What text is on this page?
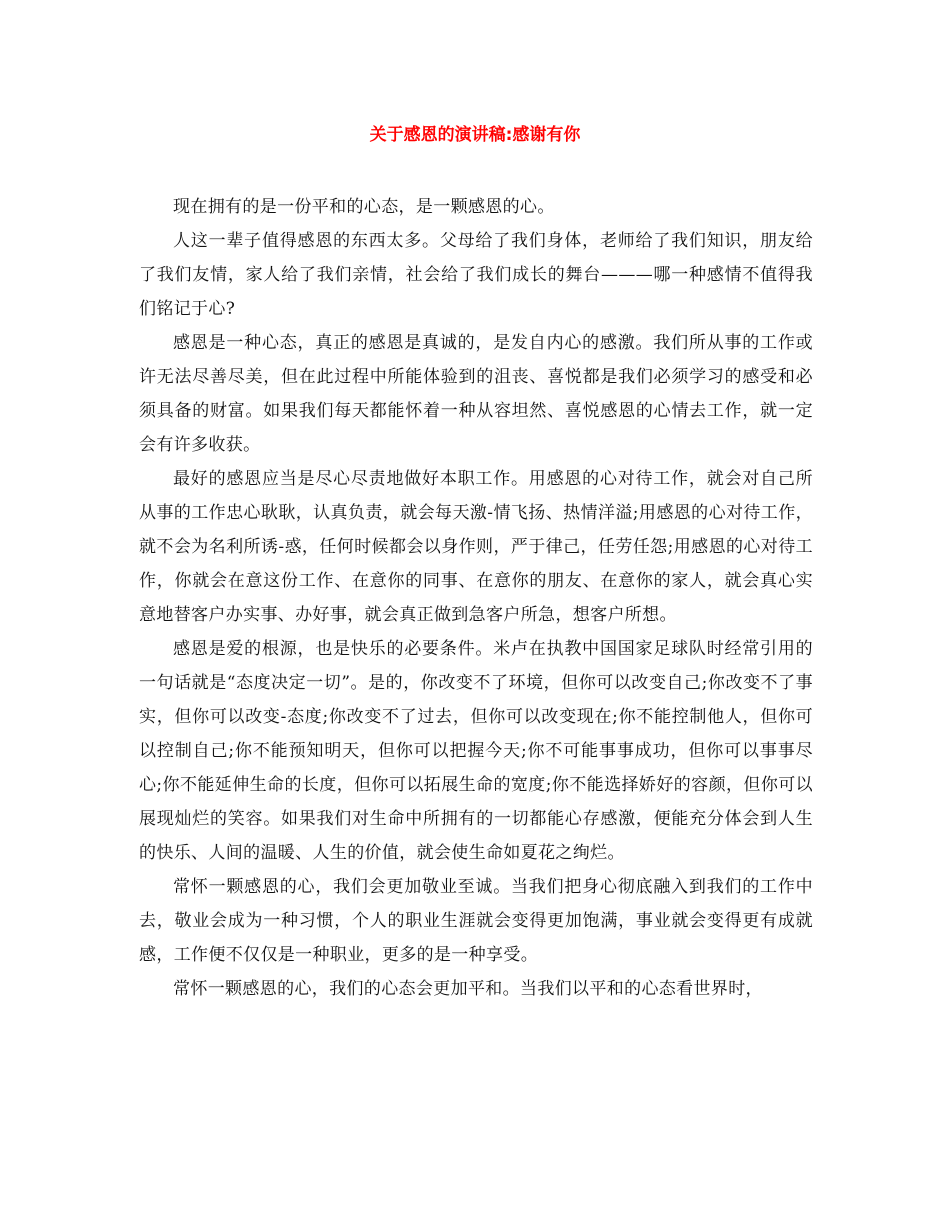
关于感恩的演讲稿:感谢有你

现在拥有的是一份平和的心态，是一颗感恩的心。

人这一辈子值得感恩的东西太多。父母给了我们身体，老师给了我们知识，朋友给了我们友情，家人给了我们亲情，社会给了我们成长的舞台———哪一种感情不值得我们铭记于心?

感恩是一种心态，真正的感恩是真诚的，是发自内心的感激。我们所从事的工作或许无法尽善尽美，但在此过程中所能体验到的沮丧、喜悦都是我们必须学习的感受和必须具备的财富。如果我们每天都能怀着一种从容坦然、喜悦感恩的心情去工作，就一定会有许多收获。

最好的感恩应当是尽心尽责地做好本职工作。用感恩的心对待工作，就会对自己所从事的工作忠心耿耿，认真负责，就会每天激-情飞扬、热情洋溢;用感恩的心对待工作，就不会为名利所诱-惑，任何时候都会以身作则，严于律己，任劳任怨;用感恩的心对待工作，你就会在意这份工作、在意你的同事、在意你的朋友、在意你的家人，就会真心实意地替客户办实事、办好事，就会真正做到急客户所急，想客户所想。

感恩是爱的根源，也是快乐的必要条件。米卢在执教中国国家足球队时经常引用的一句话就是“态度决定一切”。是的，你改变不了环境，但你可以改变自己;你改变不了事实，但你可以改变-态度;你改变不了过去，但你可以改变现在;你不能控制他人，但你可以控制自己;你不能预知明天，但你可以把握今天;你不可能事事成功，但你可以事事尽心;你不能延伸生命的长度，但你可以拓展生命的宽度;你不能选择娇好的容颜，但你可以展现灿烂的笑容。如果我们对生命中所拥有的一切都能心存感激，便能充分体会到人生的快乐、人间的温暖、人生的价值，就会使生命如夏花之绚烂。

常怀一颗感恩的心，我们会更加敬业至诚。当我们把身心彻底融入到我们的工作中去，敬业会成为一种习惯，个人的职业生涯就会变得更加饱满，事业就会变得更有成就感，工作便不仅仅是一种职业，更多的是一种享受。

常怀一颗感恩的心，我们的心态会更加平和。当我们以平和的心态看世界时，
